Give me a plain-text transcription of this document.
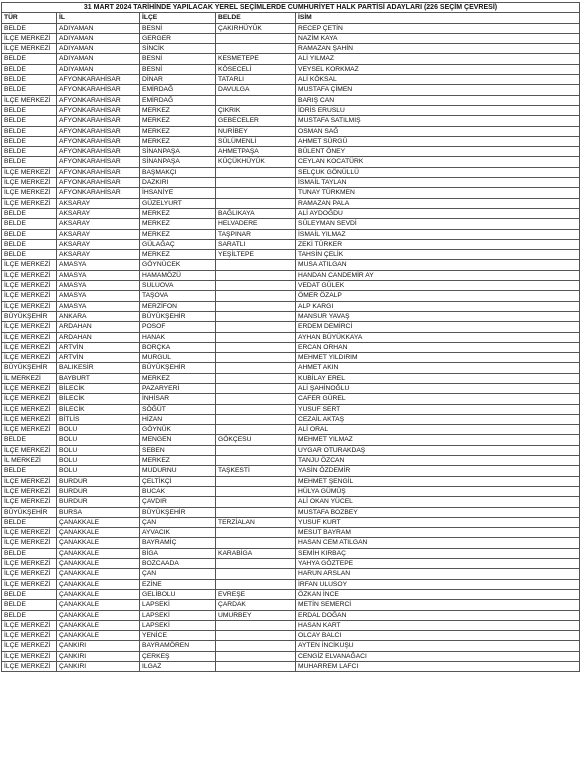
31 MART 2024 TARİHİNDE YAPILACAK YEREL SEÇİMLERDE CUMHURİYET HALK PARTİSİ ADAYLARI (226 SEÇİM ÇEVRESİ)				
TÜR	İL	İLÇE	BELDE	İSİM
BELDE	ADIYAMAN	BESNİ	ÇAKIRHÜYÜK	RECEP ÇETİN
İLÇE MERKEZİ	ADIYAMAN	GERGER		NAZİM KAYA
İLÇE MERKEZİ	ADIYAMAN	SİNCİK		RAMAZAN ŞAHİN
BELDE	ADIYAMAN	BESNİ	KESMETEPE	ALİ YILMAZ
BELDE	ADIYAMAN	BESNİ	KÖSECELİ	VEYSEL KORKMAZ
BELDE	AFYONKARAHİSAR	DİNAR	TATARLI	ALİ KÖKSAL
BELDE	AFYONKARAHİSAR	EMİRDAĞ	DAVULGA	MUSTAFA ÇİMEN
İLÇE MERKEZİ	AFYONKARAHİSAR	EMİRDAĞ		BARIŞ CAN
BELDE	AFYONKARAHİSAR	MERKEZ	ÇIKRIK	İDRİS ERUSLU
BELDE	AFYONKARAHİSAR	MERKEZ	GEBECELER	MUSTAFA SATILMIŞ
BELDE	AFYONKARAHİSAR	MERKEZ	NURİBEY	OSMAN SAĞ
BELDE	AFYONKARAHİSAR	MERKEZ	SÜLÜMENLİ	AHMET SÜRGÜ
BELDE	AFYONKARAHİSAR	SİNANPAŞA	AHMETPAŞA	BÜLENT ÖNEY
BELDE	AFYONKARAHİSAR	SİNANPAŞA	KÜÇÜKHÜYÜK	CEYLAN KOCATÜRK
İLÇE MERKEZİ	AFYONKARAHİSAR	BAŞMAKÇI		SELÇUK GÖNÜLLÜ
İLÇE MERKEZİ	AFYONKARAHİSAR	DAZKIRI		İSMAİL TAYLAN
İLÇE MERKEZİ	AFYONKARAHİSAR	İHSANİYE		TUNAY TÜRKMEN
İLÇE MERKEZİ	AKSARAY	GÜZELYURT		RAMAZAN PALA
BELDE	AKSARAY	MERKEZ	BAĞLIKAYA	ALİ AYDOĞDU
BELDE	AKSARAY	MERKEZ	HELVADERE	SÜLEYMAN SEVDİ
BELDE	AKSARAY	MERKEZ	TAŞPINAR	İSMAİL YILMAZ
BELDE	AKSARAY	GÜLAĞAÇ	SARATLI	ZEKİ TÜRKER
BELDE	AKSARAY	MERKEZ	YEŞİLTEPE	TAHSİN ÇELİK
İLÇE MERKEZİ	AMASYA	GÖYNÜCEK		MUSA ATILGAN
İLÇE MERKEZİ	AMASYA	HAMAMÖZÜ		HANDAN CANDEMİR AY
İLÇE MERKEZİ	AMASYA	SULUOVA		VEDAT GÜLEK
İLÇE MERKEZİ	AMASYA	TAŞOVA		ÖMER ÖZALP
İLÇE MERKEZİ	AMASYA	MERZİFON		ALP KARGI
BÜYÜKŞEHİR	ANKARA	BÜYÜKŞEHİR		MANSUR YAVAŞ
İLÇE MERKEZİ	ARDAHAN	POSOF		ERDEM DEMİRCİ
İLÇE MERKEZİ	ARDAHAN	HANAK		AYHAN BÜYÜKKAYA
İLÇE MERKEZİ	ARTVİN	BORÇKA		ERCAN ORHAN
İLÇE MERKEZİ	ARTVİN	MURGUL		MEHMET YILDIRIM
BÜYÜKŞEHİR	BALIKESİR	BÜYÜKŞEHİR		AHMET AKIN
İL MERKEZİ	BAYBURT	MERKEZ		KUBİLAY EREL
İLÇE MERKEZİ	BİLECİK	PAZARYERİ		ALİ ŞAHİNOĞLU
İLÇE MERKEZİ	BİLECİK	İNHİSAR		CAFER GÜREL
İLÇE MERKEZİ	BİLECİK	SÖĞÜT		YUSUF SERT
İLÇE MERKEZİ	BİTLİS	HİZAN		CEZAİL AKTAŞ
İLÇE MERKEZİ	BOLU	GÖYNÜK		ALİ ORAL
BELDE	BOLU	MENGEN	GÖKÇESU	MEHMET YILMAZ
İLÇE MERKEZİ	BOLU	SEBEN		UYGAR OTURAKDAŞ
İL MERKEZİ	BOLU	MERKEZ		TANJU ÖZCAN
BELDE	BOLU	MUDURNU	TAŞKESTİ	YASİN ÖZDEMİR
İLÇE MERKEZİ	BURDUR	ÇELTİKÇİ		MEHMET ŞENGİL
İLÇE MERKEZİ	BURDUR	BUCAK		HÜLYA GÜMÜŞ
İLÇE MERKEZİ	BURDUR	ÇAVDIR		ALİ OKAN YÜCEL
BÜYÜKŞEHİR	BURSA	BÜYÜKŞEHİR		MUSTAFA BOZBEY
BELDE	ÇANAKKALE	ÇAN	TERZİALAN	YUSUF KURT
İLÇE MERKEZİ	ÇANAKKALE	AYVACIK		MESUT BAYRAM
İLÇE MERKEZİ	ÇANAKKALE	BAYRAMİÇ		HASAN CEM ATILGAN
BELDE	ÇANAKKALE	BİGA	KARABİGA	SEMİH KIRBAÇ
İLÇE MERKEZİ	ÇANAKKALE	BOZCAADA		YAHYA GÖZTEPE
İLÇE MERKEZİ	ÇANAKKALE	ÇAN		HARUN ARSLAN
İLÇE MERKEZİ	ÇANAKKALE	EZİNE		İRFAN ULUSOY
BELDE	ÇANAKKALE	GELİBOLU	EVREŞE	ÖZKAN İNCE
BELDE	ÇANAKKALE	LAPSEKİ	ÇARDAK	METİN SEMERCİ
BELDE	ÇANAKKALE	LAPSEKİ	UMURBEY	ERDAL DOĞAN
İLÇE MERKEZİ	ÇANAKKALE	LAPSEKİ		HASAN KART
İLÇE MERKEZİ	ÇANAKKALE	YENİCE		OLCAY BALCI
İLÇE MERKEZİ	ÇANKIRI	BAYRAMÖREN		AYTEN İNCİKUŞU
İLÇE MERKEZİ	ÇANKIRI	ÇERKEŞ		CENGİZ ELVANAĞACI
İLÇE MERKEZİ	ÇANKIRI	ILGAZ		MUHARREM LAFCI
